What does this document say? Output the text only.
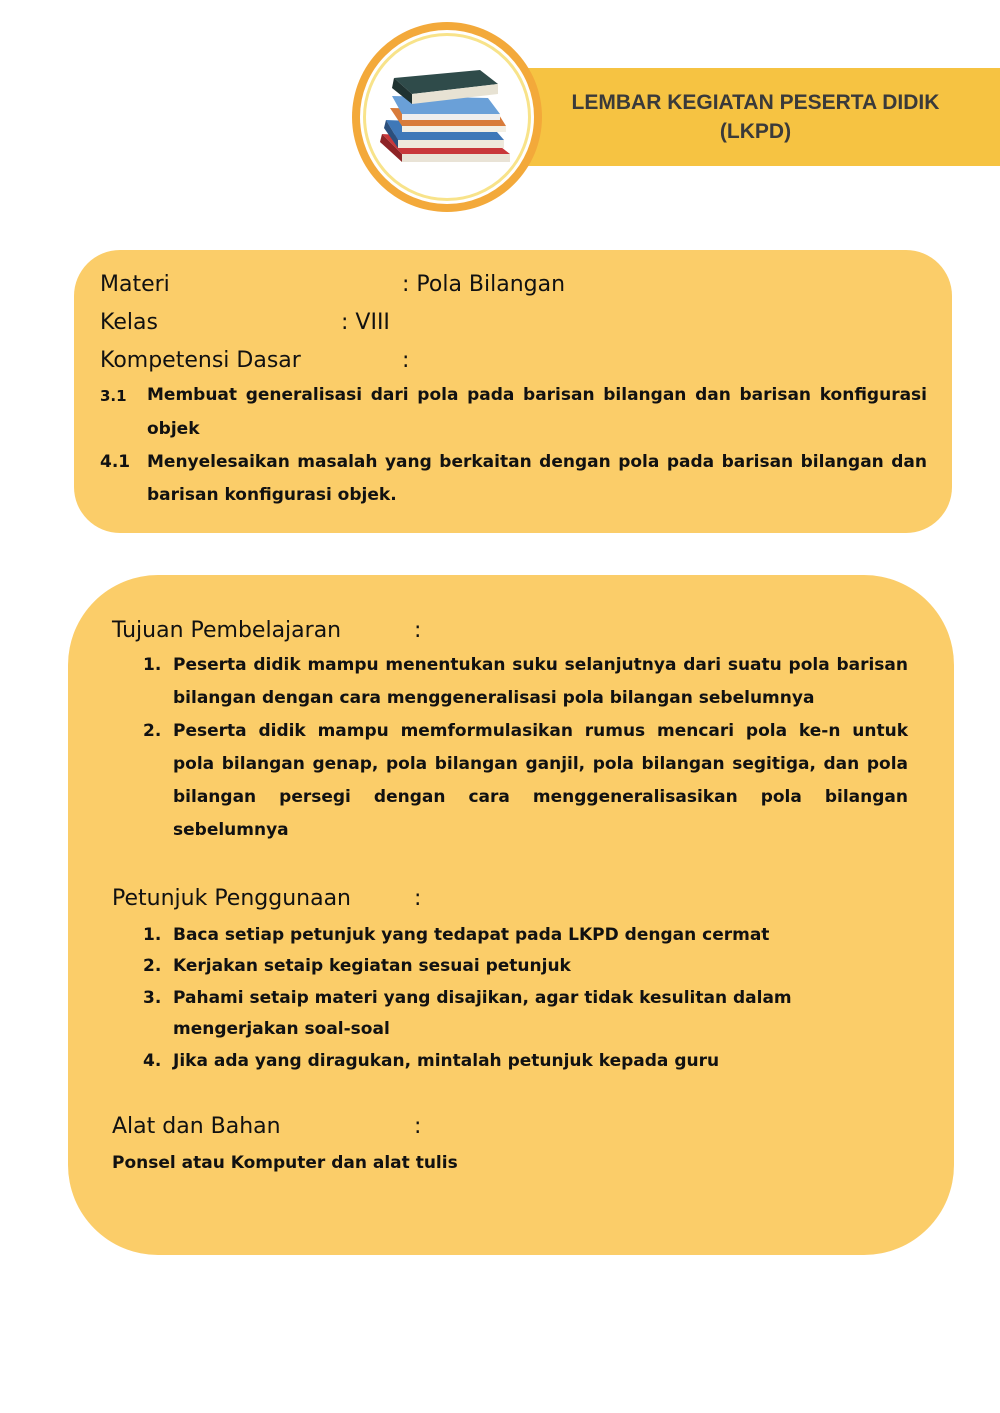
LEMBAR KEGIATAN PESERTA DIDIK
(LKPD)
Materi	: Pola Bilangan
Kelas	: VIII
Kompetensi Dasar	:
3.1 Membuat generalisasi dari pola pada barisan bilangan dan barisan konfigurasi
objek
4.1 Menyelesaikan masalah yang berkaitan dengan pola pada barisan bilangan dan
barisan konfigurasi objek.
Tujuan Pembelajaran	:
1. Peserta didik mampu menentukan suku selanjutnya dari suatu pola barisan
bilangan dengan cara menggeneralisasi pola bilangan sebelumnya
2. Peserta didik mampu memformulasikan rumus mencari pola ke-n untuk
pola bilangan genap, pola bilangan ganjil, pola bilangan segitiga, dan pola
bilangan persegi dengan cara menggeneralisasikan pola bilangan
sebelumnya
Petunjuk Penggunaan	:
1. Baca setiap petunjuk yang tedapat pada LKPD dengan cermat
2. Kerjakan setaip kegiatan sesuai petunjuk
3. Pahami setaip materi yang disajikan, agar tidak kesulitan dalam
mengerjakan soal-soal
4. Jika ada yang diragukan, mintalah petunjuk kepada guru
Alat dan Bahan	:
Ponsel atau Komputer dan alat tulis
